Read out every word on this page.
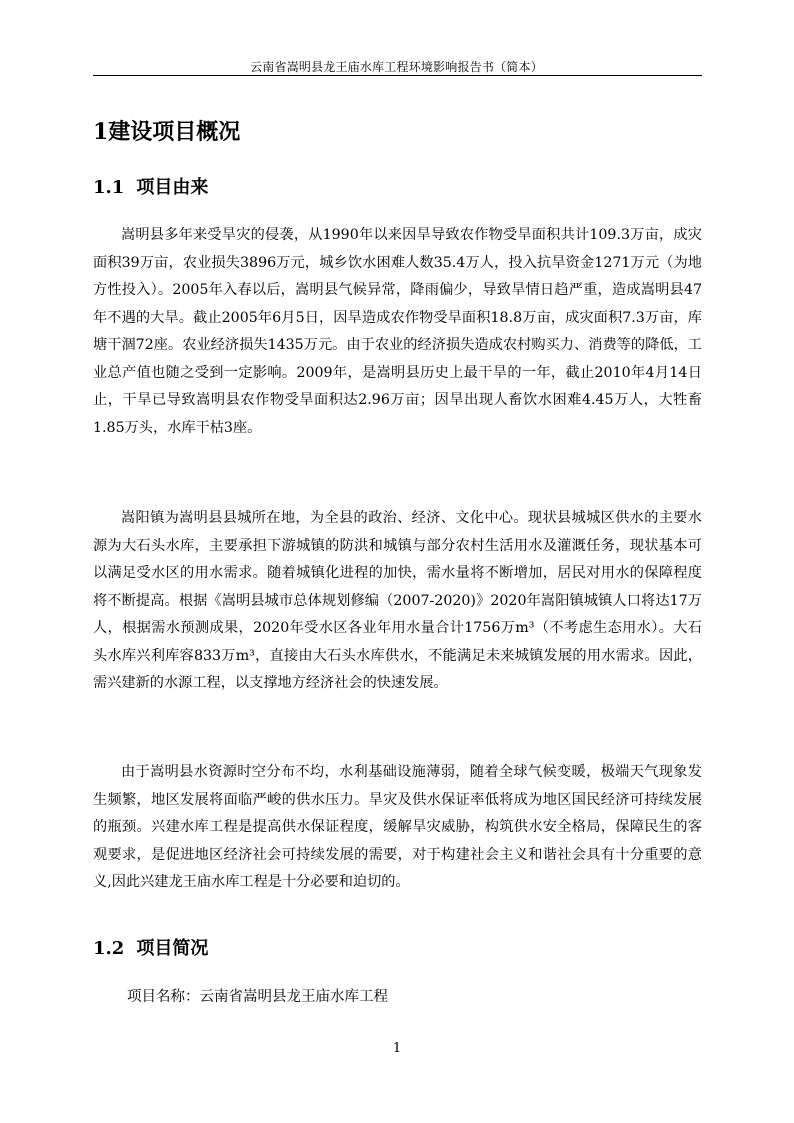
云南省嵩明县龙王庙水库工程环境影响报告书（简本）
1建设项目概况
1.1 项目由来

嵩明县多年来受旱灾的侵袭，从1990年以来因旱导致农作物受旱面积共计109.3万亩，成灾面积39万亩，农业损失3896万元，城乡饮水困难人数35.4万人，投入抗旱资金1271万元（为地方性投入）。2005年入春以后，嵩明县气候异常，降雨偏少，导致旱情日趋严重，造成嵩明县47年不遇的大旱。截止2005年6月5日，因旱造成农作物受旱面积18.8万亩，成灾面积7.3万亩，库塘干涸72座。农业经济损失1435万元。由于农业的经济损失造成农村购买力、消费等的降低，工业总产值也随之受到一定影响。2009年，是嵩明县历史上最干旱的一年，截止2010年4月14日止，干旱已导致嵩明县农作物受旱面积达2.96万亩；因旱出现人畜饮水困难4.45万人，大牲畜1.85万头，水库干枯3座。

嵩阳镇为嵩明县县城所在地，为全县的政治、经济、文化中心。现状县城城区供水的主要水源为大石头水库，主要承担下游城镇的防洪和城镇与部分农村生活用水及灌溉任务，现状基本可以满足受水区的用水需求。随着城镇化进程的加快，需水量将不断增加，居民对用水的保障程度将不断提高。根据《嵩明县城市总体规划修编（2007-2020)》2020年嵩阳镇城镇人口将达17万人，根据需水预测成果，2020年受水区各业年用水量合计1756万m³（不考虑生态用水）。大石头水库兴利库容833万m³，直接由大石头水库供水，不能满足未来城镇发展的用水需求。因此，需兴建新的水源工程，以支撑地方经济社会的快速发展。

由于嵩明县水资源时空分布不均，水利基础设施薄弱，随着全球气候变暖，极端天气现象发生频繁，地区发展将面临严峻的供水压力。旱灾及供水保证率低将成为地区国民经济可持续发展的瓶颈。兴建水库工程是提高供水保证程度，缓解旱灾威胁，构筑供水安全格局，保障民生的客观要求，是促进地区经济社会可持续发展的需要，对于构建社会主义和谐社会具有十分重要的意义,因此兴建龙王庙水库工程是十分必要和迫切的。

1.2 项目简况
项目名称：云南省嵩明县龙王庙水库工程
1
